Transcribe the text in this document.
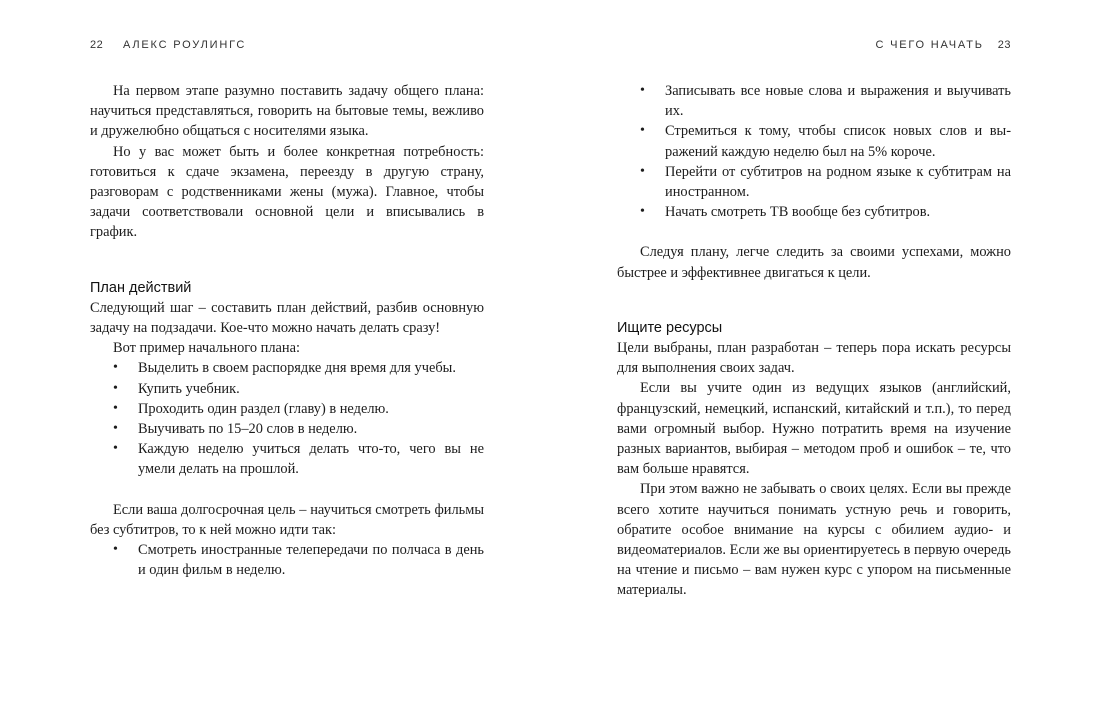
22 АЛЕКС РОУЛИНГС

На первом этапе разумно поставить задачу общего плана: научиться представляться, говорить на бытовые темы, вежливо и дружелюбно общаться с носителями языка.

Но у вас может быть и более конкретная потребность: готовиться к сдаче экзамена, переезду в другую страну, разговорам с родственниками жены (мужа). Главное, чтобы задачи соответствовали основной цели и вписывались в график.

План действий

Следующий шаг – составить план действий, разбив основную задачу на подзадачи. Кое-что можно начать делать сразу!

Вот пример начального плана:

• Выделить в своем распорядке дня время для учебы.
• Купить учебник.
• Проходить один раздел (главу) в неделю.
• Выучивать по 15–20 слов в неделю.
• Каждую неделю учиться делать что-то, чего вы не умели делать на прошлой.

Если ваша долгосрочная цель – научиться смотреть фильмы без субтитров, то к ней можно идти так:

• Смотреть иностранные телепередачи по полчаса в день и один фильм в неделю.
С ЧЕГО НАЧАТЬ 23
• Записывать все новые слова и выражения и выучивать их.
• Стремиться к тому, чтобы список новых слов и выражений каждую неделю был на 5% короче.
• Перейти от субтитров на родном языке к субтитрам на иностранном.
• Начать смотреть ТВ вообще без субтитров.

Следуя плану, легче следить за своими успехами, можно быстрее и эффективнее двигаться к цели.

Ищите ресурсы

Цели выбраны, план разработан – теперь пора искать ресурсы для выполнения своих задач.

Если вы учите один из ведущих языков (английский, французский, немецкий, испанский, китайский и т.п.), то перед вами огромный выбор. Нужно потратить время на изучение разных вариантов, выбирая – методом проб и ошибок – те, что вам больше нравятся.

При этом важно не забывать о своих целях. Если вы прежде всего хотите научиться понимать устную речь и говорить, обратите особое внимание на курсы с обилием аудио- и видеоматериалов. Если же вы ориентируетесь в первую очередь на чтение и письмо – вам нужен курс с упором на письменные материалы.
